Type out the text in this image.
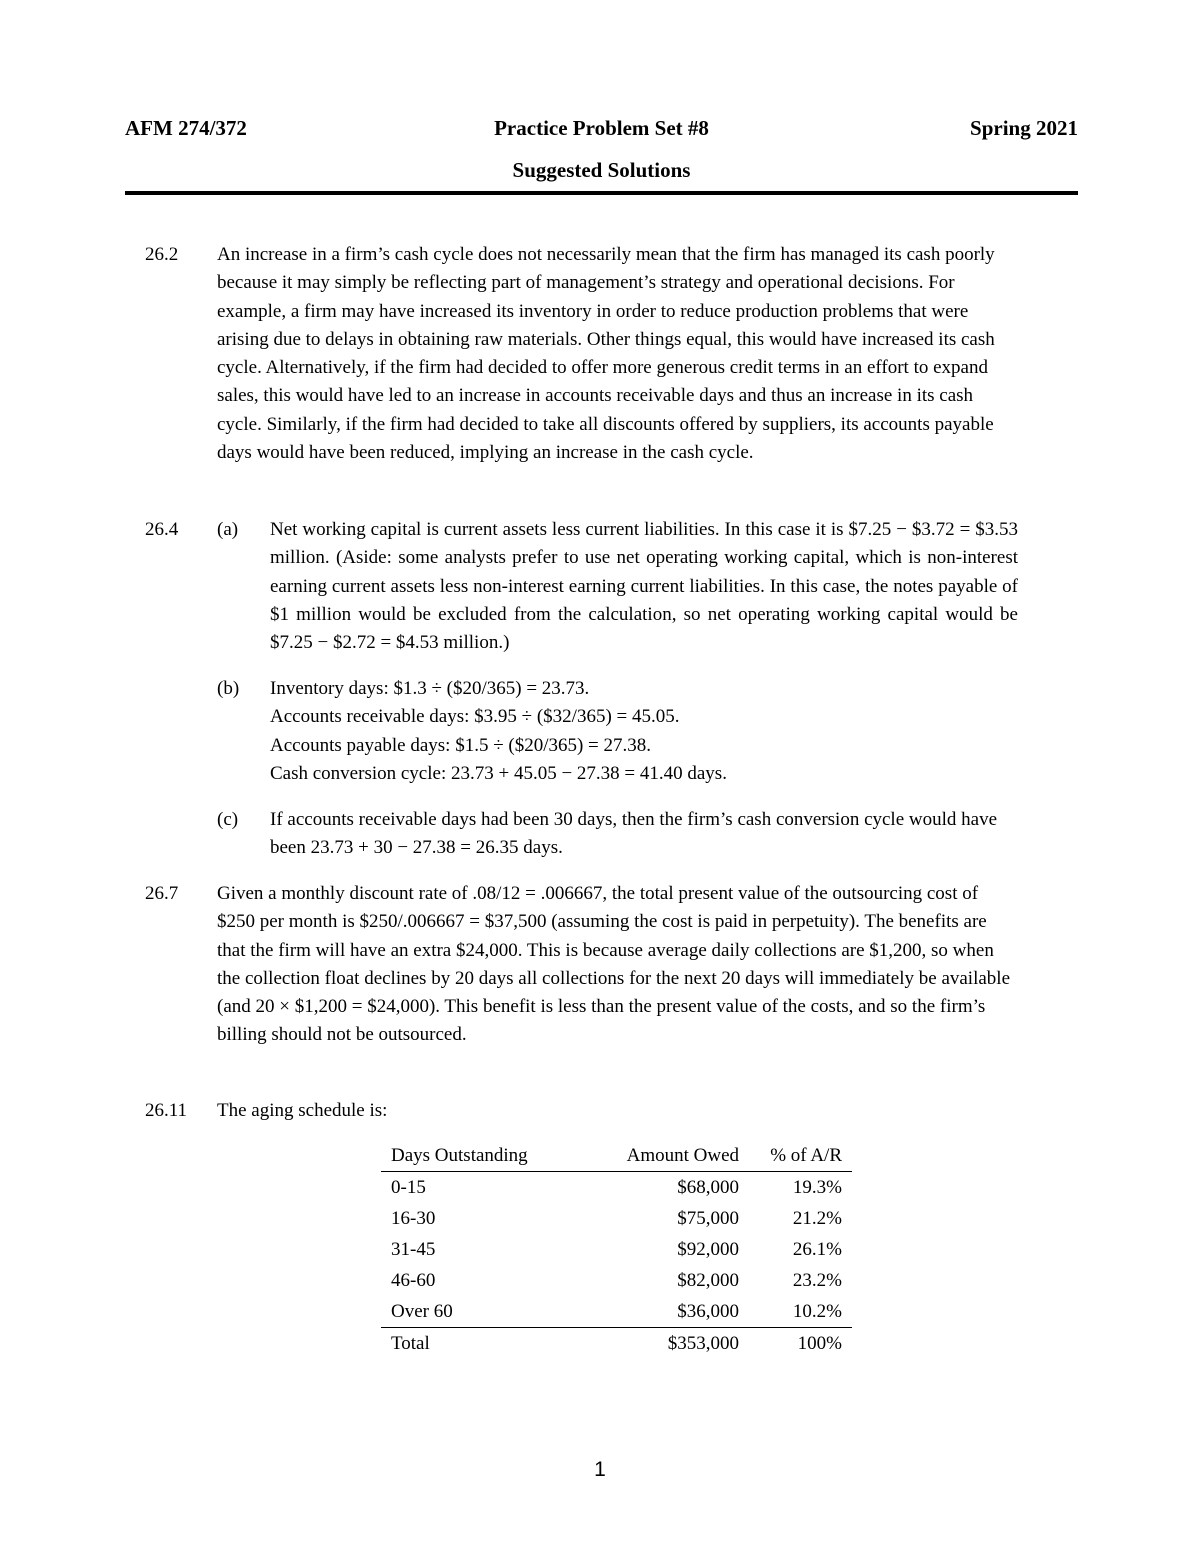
AFM 274/372	Practice Problem Set #8	Spring 2021
Suggested Solutions
26.2 An increase in a firm’s cash cycle does not necessarily mean that the firm has managed its cash poorly because it may simply be reflecting part of management’s strategy and operational decisions. For example, a firm may have increased its inventory in order to reduce production problems that were arising due to delays in obtaining raw materials. Other things equal, this would have increased its cash cycle. Alternatively, if the firm had decided to offer more generous credit terms in an effort to expand sales, this would have led to an increase in accounts receivable days and thus an increase in its cash cycle. Similarly, if the firm had decided to take all discounts offered by suppliers, its accounts payable days would have been reduced, implying an increase in the cash cycle.
26.4 (a) Net working capital is current assets less current liabilities. In this case it is $7.25 − $3.72 = $3.53 million. (Aside: some analysts prefer to use net operating working capital, which is non-interest earning current assets less non-interest earning current liabilities. In this case, the notes payable of $1 million would be excluded from the calculation, so net operating working capital would be $7.25 − $2.72 = $4.53 million.)
(b) Inventory days: $1.3 ÷ ($20/365) = 23.73.
Accounts receivable days: $3.95 ÷ ($32/365) = 45.05.
Accounts payable days: $1.5 ÷ ($20/365) = 27.38.
Cash conversion cycle: 23.73 + 45.05 − 27.38 = 41.40 days.
(c) If accounts receivable days had been 30 days, then the firm’s cash conversion cycle would have been 23.73 + 30 − 27.38 = 26.35 days.
26.7 Given a monthly discount rate of .08/12 = .006667, the total present value of the outsourcing cost of $250 per month is $250/.006667 = $37,500 (assuming the cost is paid in perpetuity). The benefits are that the firm will have an extra $24,000. This is because average daily collections are $1,200, so when the collection float declines by 20 days all collections for the next 20 days will immediately be available (and 20 × $1,200 = $24,000). This benefit is less than the present value of the costs, and so the firm’s billing should not be outsourced.
26.11 The aging schedule is:
Days Outstanding	Amount Owed	% of A/R
0-15	$68,000	19.3%
16-30	$75,000	21.2%
31-45	$92,000	26.1%
46-60	$82,000	23.2%
Over 60	$36,000	10.2%
Total	$353,000	100%
1
